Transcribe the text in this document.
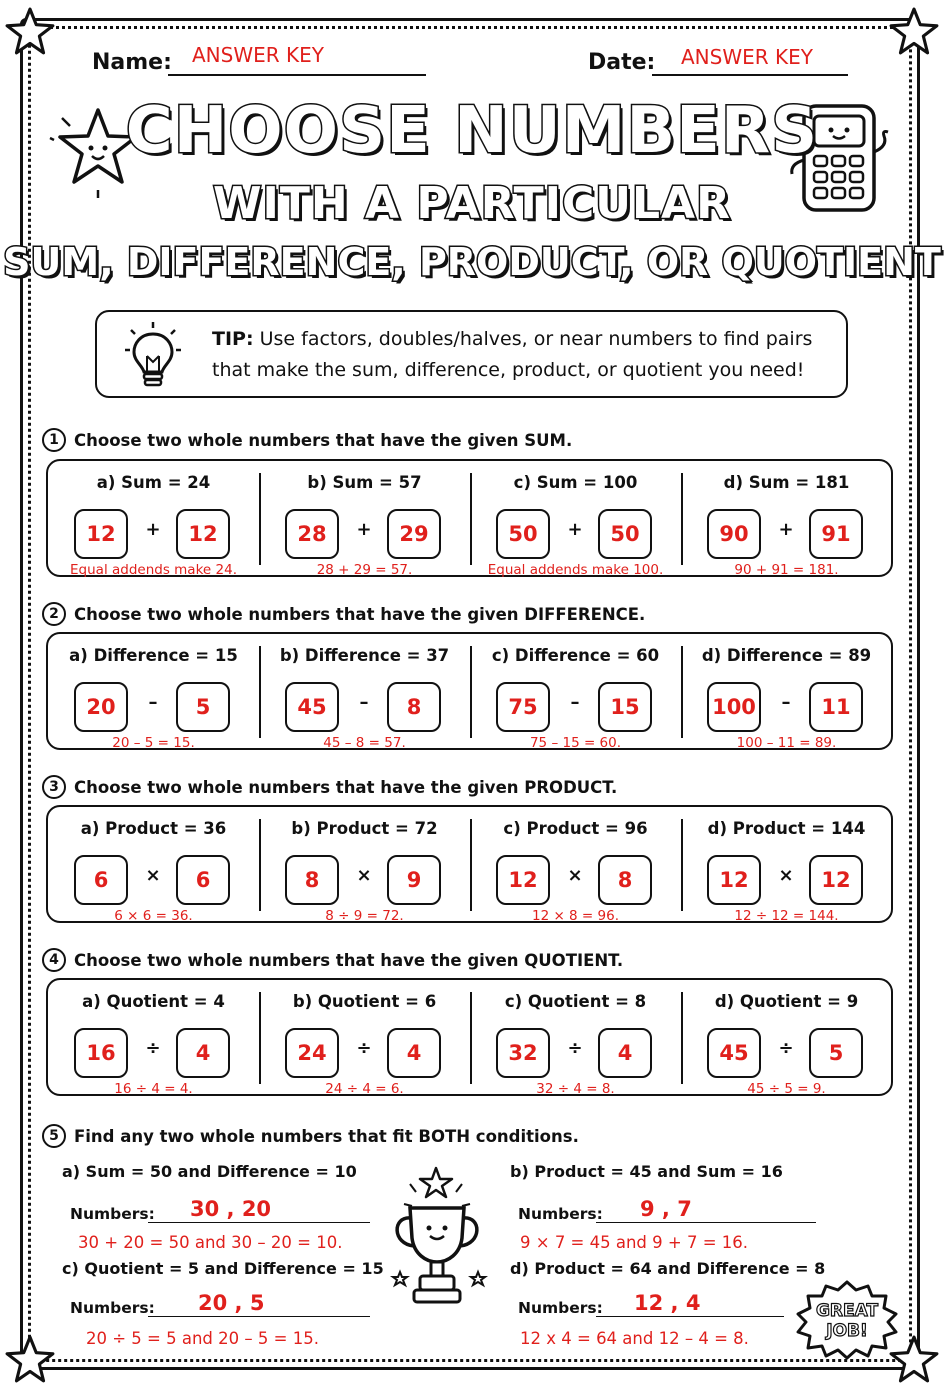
Name: ANSWER KEY	Date: ANSWER KEY
CHOOSE NUMBERS
WITH A PARTICULAR
SUM, DIFFERENCE, PRODUCT, OR QUOTIENT
TIP: Use factors, doubles/halves, or near numbers to find pairs that make the sum, difference, product, or quotient you need!
1 Choose two whole numbers that have the given SUM.
a) Sum = 24
12	+	12
Equal addends make 24.
b) Sum = 57
28	+	29
28 + 29 = 57.
c) Sum = 100
50	+	50
Equal addends make 100.
d) Sum = 181
90	+	91
90 + 91 = 181.
2 Choose two whole numbers that have the given DIFFERENCE.
a) Difference = 15
20	–	5
20 – 5 = 15.
b) Difference = 37
45	–	8
45 – 8 = 57.
c) Difference = 60
75	–	15
75 – 15 = 60.
d) Difference = 89
100	–	11
100 – 11 = 89.
3 Choose two whole numbers that have the given PRODUCT.
a) Product = 36
6	×	6
6 × 6 = 36.
b) Product = 72
8	×	9
8 ÷ 9 = 72.
c) Product = 96
12	×	8
12 × 8 = 96.
d) Product = 144
12	×	12
12 ÷ 12 = 144.
4 Choose two whole numbers that have the given QUOTIENT.
a) Quotient = 4
16	÷	4
16 ÷ 4 = 4.
b) Quotient = 6
24	÷	4
24 ÷ 4 = 6.
c) Quotient = 8
32	÷	4
32 ÷ 4 = 8.
d) Quotient = 9
45	÷	5
45 ÷ 5 = 9.
5 Find any two whole numbers that fit BOTH conditions.
a) Sum = 50 and Difference = 10
Numbers: 30 , 20
30 + 20 = 50 and 30 – 20 = 10.
b) Product = 45 and Sum = 16
Numbers: 9 , 7
9 × 7 = 45 and 9 + 7 = 16.
c) Quotient = 5 and Difference = 15
Numbers: 20 , 5
20 ÷ 5 = 5 and 20 – 5 = 15.
d) Product = 64 and Difference = 8
Numbers: 12 , 4
12 x 4 = 64 and 12 – 4 = 8.
GREAT
JOB!
